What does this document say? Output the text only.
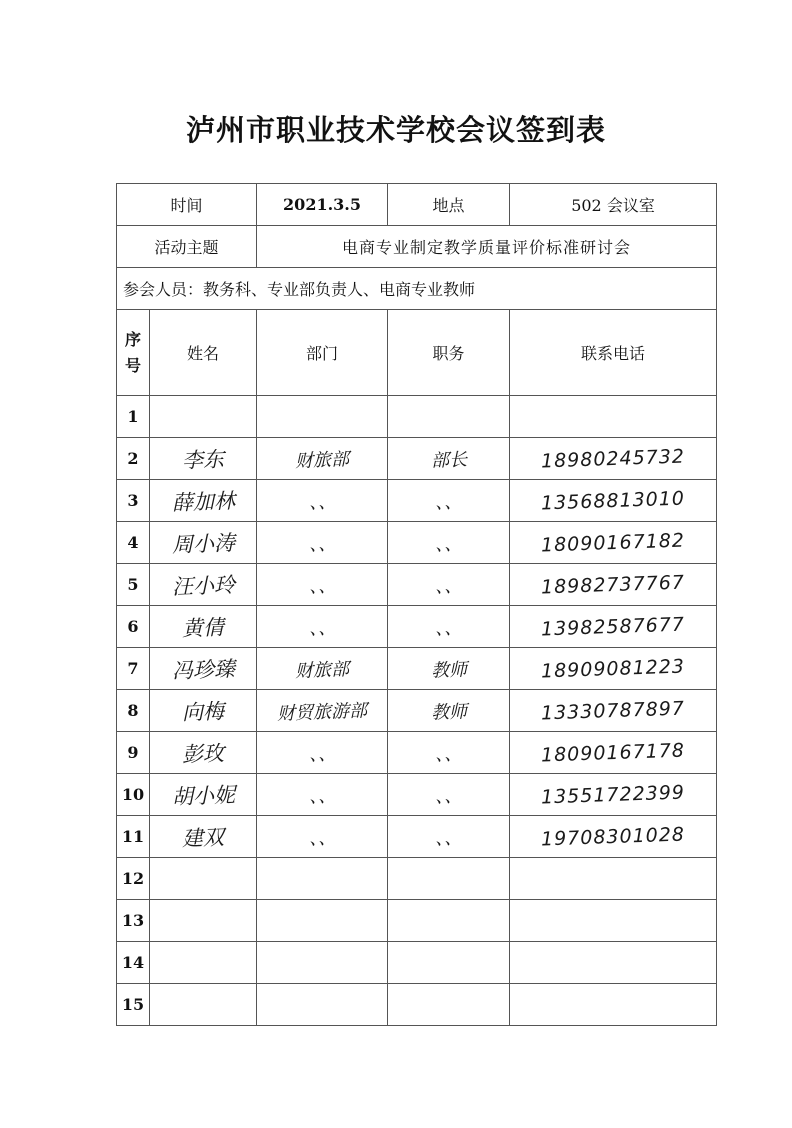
泸州市职业技术学校会议签到表
时间		2021.3.5	地点	502 会议室
活动主题		电商专业制定教学质量评价标准研讨会		
参会人员：教务科、专业部负责人、电商专业教师				
序
号	姓名	部门	职务	联系电话
1				
2	李东	财旅部	部长	18980245732
3	薛加林	、、	、、	13568813010
4	周小涛	、、	、、	18090167182
5	汪小玲	、、	、、	18982737767
6	黄倩	、、	、、	13982587677
7	冯珍臻	财旅部	教师	18909081223
8	向梅	财贸旅游部	教师	13330787897
9	彭玫	、、	、、	18090167178
10	胡小妮	、、	、、	13551722399
11	建双	、、	、、	19708301028
12				
13				
14				
15				
